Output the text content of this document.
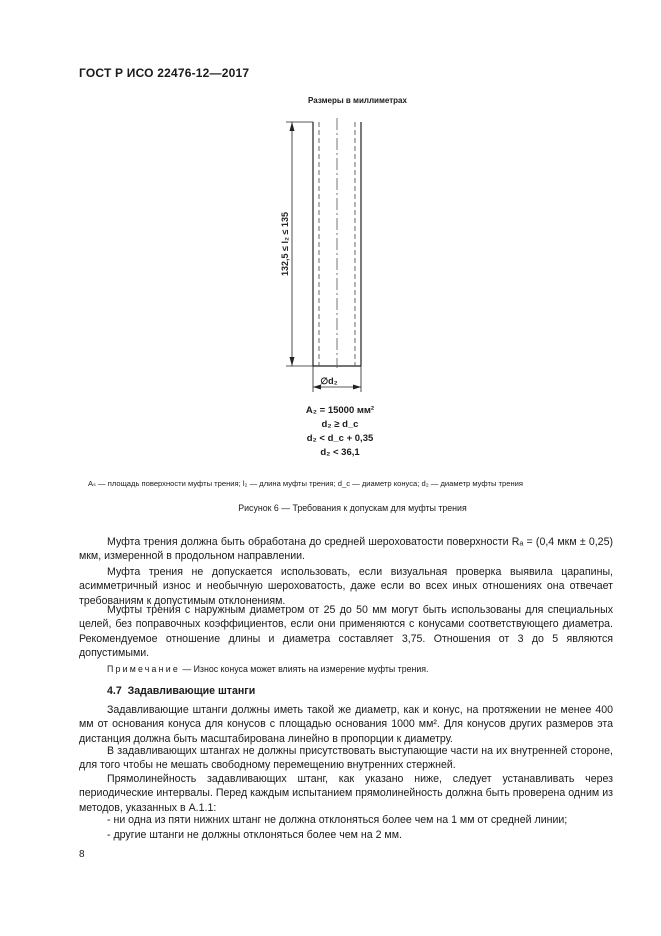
ГОСТ Р ИСО 22476-12—2017
Размеры в миллиметрах
132,5 ≤ l₂ ≤ 135
∅d₂
A₂ = 15000 мм²
d₂ ≥ d_c
d₂ < d_c + 0,35
d₂ < 36,1
Aₛ — площадь поверхности муфты трения; l₂ — длина муфты трения; d_c — диаметр конуса; d₂ — диаметр муфты трения
Рисунок 6 — Требования к допускам для муфты трения

Муфта трения должна быть обработана до средней шероховатости поверхности Rₐ = (0,4 мкм ± 0,25) мкм, измеренной в продольном направлении.

Муфта трения не допускается использовать, если визуальная проверка выявила царапины, асимметричный износ и необычную шероховатость, даже если во всех иных отношениях она отвечает требованиям к допустимым отклонениям.

Муфты трения с наружным диаметром от 25 до 50 мм могут быть использованы для специальных целей, без поправочных коэффициентов, если они применяются с конусами соответствующего диаметра. Рекомендуемое отношение длины и диаметра составляет 3,75. Отношения от 3 до 5 являются допустимыми.

Примечание — Износ конуса может влиять на измерение муфты трения.
4.7 Задавливающие штанги

Задавливающие штанги должны иметь такой же диаметр, как и конус, на протяжении не менее 400 мм от основания конуса для конусов с площадью основания 1000 мм². Для конусов других размеров эта дистанция должна быть масштабирована линейно в пропорции к диаметру.

В задавливающих штангах не должны присутствовать выступающие части на их внутренней стороне, для того чтобы не мешать свободному перемещению внутренних стержней.

Прямолинейность задавливающих штанг, как указано ниже, следует устанавливать через периодические интервалы. Перед каждым испытанием прямолинейность должна быть проверена одним из методов, указанных в А.1.1:

- ни одна из пяти нижних штанг не должна отклоняться более чем на 1 мм от средней линии;
- другие штанги не должны отклоняться более чем на 2 мм.
8
